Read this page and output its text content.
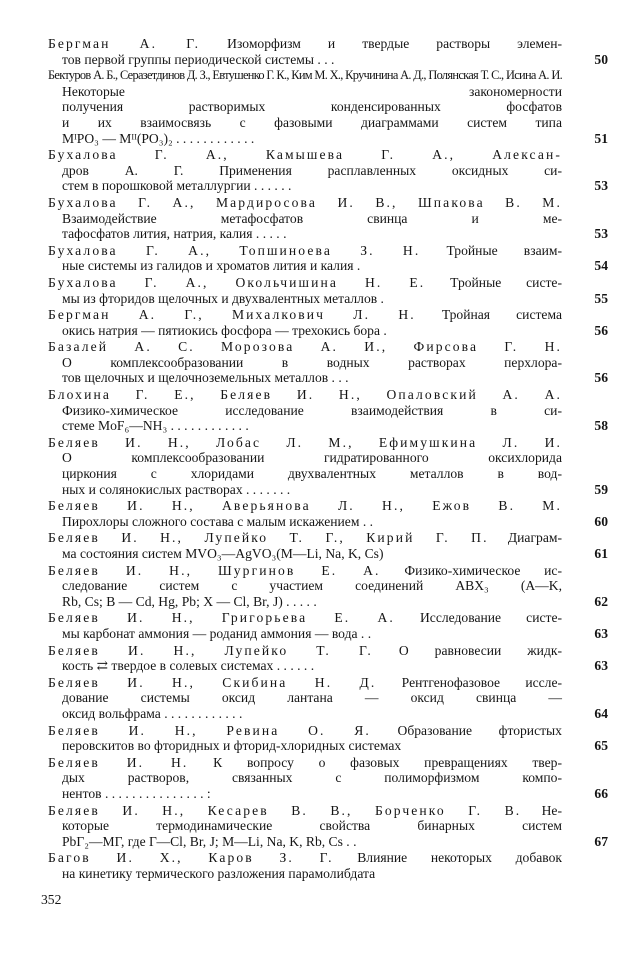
Бергман А. Г. Изоморфизм и твердые растворы элемен-
тов первой группы периодической системы . . .	50
Бектуров А. Б., Серазетдинов Д. З., Евтушенко Г. К., Ким М. Х., Кручинина А. Д., Полянская Т. С., Исина А. И.
Некоторые закономерности
получения растворимых конденсированных фосфатов
и их взаимосвязь с фазовыми диаграммами систем типа
MᴵPO₃ — Mᴵᴵ(PO₃)₂ . . . . . . . . . . . .	51
Бухалова Г. А., Камышева Г. А., Алексан-
дров А. Г. Применения расплавленных оксидных си-
стем в порошковой металлургии . . . . . .	53
Бухалова Г. А., Мардиросова И. В., Шпакова В. М.
Взаимодействие метафосфатов свинца и ме-
тафосфатов лития, натрия, калия . . . . .	53
Бухалова Г. А., Топшиноева З. Н. Тройные взаим-
ные системы из галидов и хроматов лития и калия .	54
Бухалова Г. А., Окольчишина Н. Е. Тройные систе-
мы из фторидов щелочных и двухвалентных металлов .	55
Бергман А. Г., Михалкович Л. Н. Тройная система
окись натрия — пятиокись фосфора — трехокись бора .	56
Базалей А. С. Морозова А. И., Фирсова Г. Н.
О комплексообразовании в водных растворах перхлора-
тов щелочных и щелочноземельных металлов . . .	56
Блохина Г. Е., Беляев И. Н., Опаловский А. А.
Физико-химическое исследование взаимодействия в си-
стеме MoF₆—NH₃ . . . . . . . . . . . .	58
Беляев И. Н., Лобас Л. М., Ефимушкина Л. И.
О комплексообразовании гидратированного оксихлорида
циркония с хлоридами двухвалентных металлов в вод-
ных и солянокислых растворах . . . . . . .	59
Беляев И. Н., Аверьянова Л. Н., Ежов В. М.
Пирохлоры сложного состава с малым искажением . .	60
Беляев И. Н., Лупейко Т. Г., Кирий Г. П. Диаграм-
ма состояния систем MVO₃—AgVO₃(M—Li, Na, K, Cs)	61
Беляев И. Н., Шургинов Е. А. Физико-химическое ис-
следование систем с участием соединений ABX₃ (A—K,
Rb, Cs; B — Cd, Hg, Pb; X — Cl, Br, J) . . . . .	62
Беляев И. Н., Григорьева Е. А. Исследование систе-
мы карбонат аммония — роданид аммония — вода . .	63
Беляев И. Н., Лупейко Т. Г. О равновесии жидк-
кость ⇄ твердое в солевых системах . . . . . .	63
Беляев И. Н., Скибина Н. Д. Рентгенофазовое иссле-
дование системы оксид лантана — оксид свинца —
оксид вольфрама . . . . . . . . . . . .	64
Беляев И. Н., Ревина О. Я. Образование фтористых
перовскитов во фторидных и фторид-хлоридных системах	65
Беляев И. Н. К вопросу о фазовых превращениях твер-
дых растворов, связанных с полиморфизмом компо-
нентов . . . . . . . . . . . . . . . :	66
Беляев И. Н., Кесарев В. В., Борченко Г. В. Не-
которые термодинамические свойства бинарных систем
PbГ₂—MГ, где Г—Cl, Br, J; M—Li, Na, K, Rb, Cs . .	67
Багов И. Х., Каров З. Г. Влияние некоторых добавок
на кинетику термического разложения парамолибдата
352
